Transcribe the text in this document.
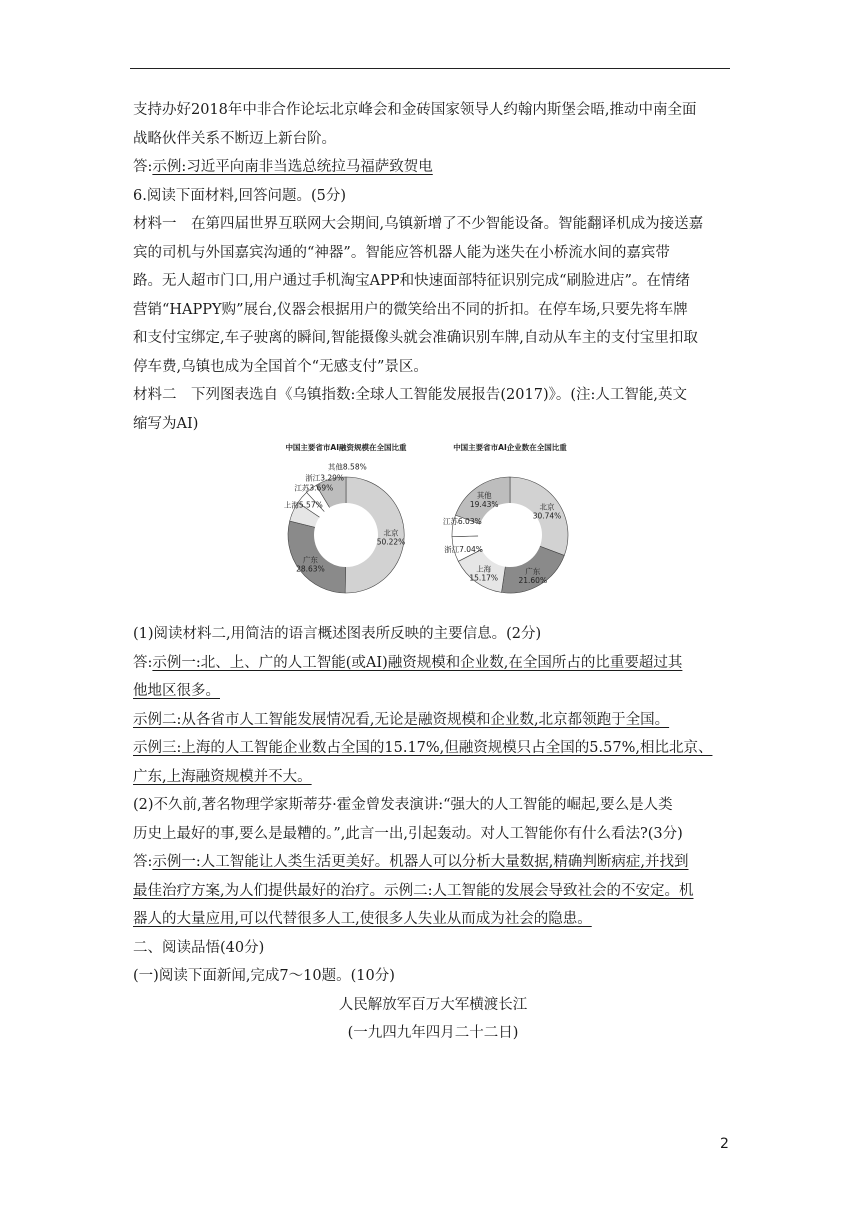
支持办好2018年中非合作论坛北京峰会和金砖国家领导人约翰内斯堡会晤,推动中南全面

战略伙伴关系不断迈上新台阶。

答:示例:习近平向南非当选总统拉马福萨致贺电

6.阅读下面材料,回答问题。(5分)

材料一　在第四届世界互联网大会期间,乌镇新增了不少智能设备。智能翻译机成为接送嘉

宾的司机与外国嘉宾沟通的“神器”。智能应答机器人能为迷失在小桥流水间的嘉宾带

路。无人超市门口,用户通过手机淘宝APP和快速面部特征识别完成“刷脸进店”。在情绪

营销“HAPPY购”展台,仪器会根据用户的微笑给出不同的折扣。在停车场,只要先将车牌

和支付宝绑定,车子驶离的瞬间,智能摄像头就会准确识别车牌,自动从车主的支付宝里扣取

停车费,乌镇也成为全国首个“无感支付”景区。

材料二　下列图表选自《乌镇指数:全球人工智能发展报告(2017)》。(注:人工智能,英文

缩写为AI)

中国主要省市AI融资规模在全国比重
北京 50.22%
广东 28.63%
上海5.57%
江苏3.69%
浙江3.29%
其他8.58%
中国主要省市AI企业数在全国比重
北京 30.74%
广东 21.60%
上海 15.17%
浙江7.04%
江苏6.03%
其他 19.43%

(1)阅读材料二,用简洁的语言概述图表所反映的主要信息。(2分)

答:示例一:北、上、广的人工智能(或AI)融资规模和企业数,在全国所占的比重要超过其

他地区很多。

示例二:从各省市人工智能发展情况看,无论是融资规模和企业数,北京都领跑于全国。

示例三:上海的人工智能企业数占全国的15.17%,但融资规模只占全国的5.57%,相比北京、

广东,上海融资规模并不大。

(2)不久前,著名物理学家斯蒂芬·霍金曾发表演讲:“强大的人工智能的崛起,要么是人类

历史上最好的事,要么是最糟的。”,此言一出,引起轰动。对人工智能你有什么看法?(3分)

答:示例一:人工智能让人类生活更美好。机器人可以分析大量数据,精确判断病症,并找到

最佳治疗方案,为人们提供最好的治疗。示例二:人工智能的发展会导致社会的不安定。机

器人的大量应用,可以代替很多人工,使很多人失业从而成为社会的隐患。

二、阅读品悟(40分)

(一)阅读下面新闻,完成7～10题。(10分)

人民解放军百万大军横渡长江

(一九四九年四月二十二日)

2
